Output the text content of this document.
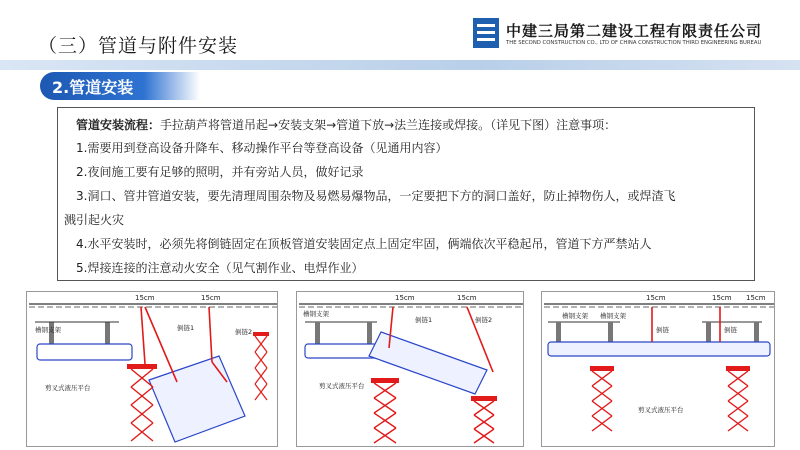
（三）管道与附件安装
中建三局第二建设工程有限责任公司
THE SECOND CONSTRUCTION CO., LTD OF CHINA CONSTRUCTION THIRD ENGINEERING BUREAU
2.管道安装

管道安装流程：手拉葫芦将管道吊起→安装支架→管道下放→法兰连接或焊接。（详见下图）注意事项：

1.需要用到登高设备升降车、移动操作平台等登高设备（见通用内容）

2.夜间施工要有足够的照明，并有旁站人员，做好记录

3.洞口、管井管道安装，要先清理周围杂物及易燃易爆物品，一定要把下方的洞口盖好，防止掉物伤人，或焊渣飞

溅引起火灾

4.水平安装时，必须先将倒链固定在顶板管道安装固定点上固定牢固，俩端依次平稳起吊，管道下方严禁站人

5.焊接连接的注意动火安全（见气割作业、电焊作业）

15cm	15cm
槽钢支架	倒链1	倒链2
剪叉式液压平台
15cm	15cm
槽钢支架
倒链1	倒链2
剪叉式液压平台
15cm	15cm 15cm
槽钢支架 槽钢支架
倒链	倒链
剪叉式液压平台
